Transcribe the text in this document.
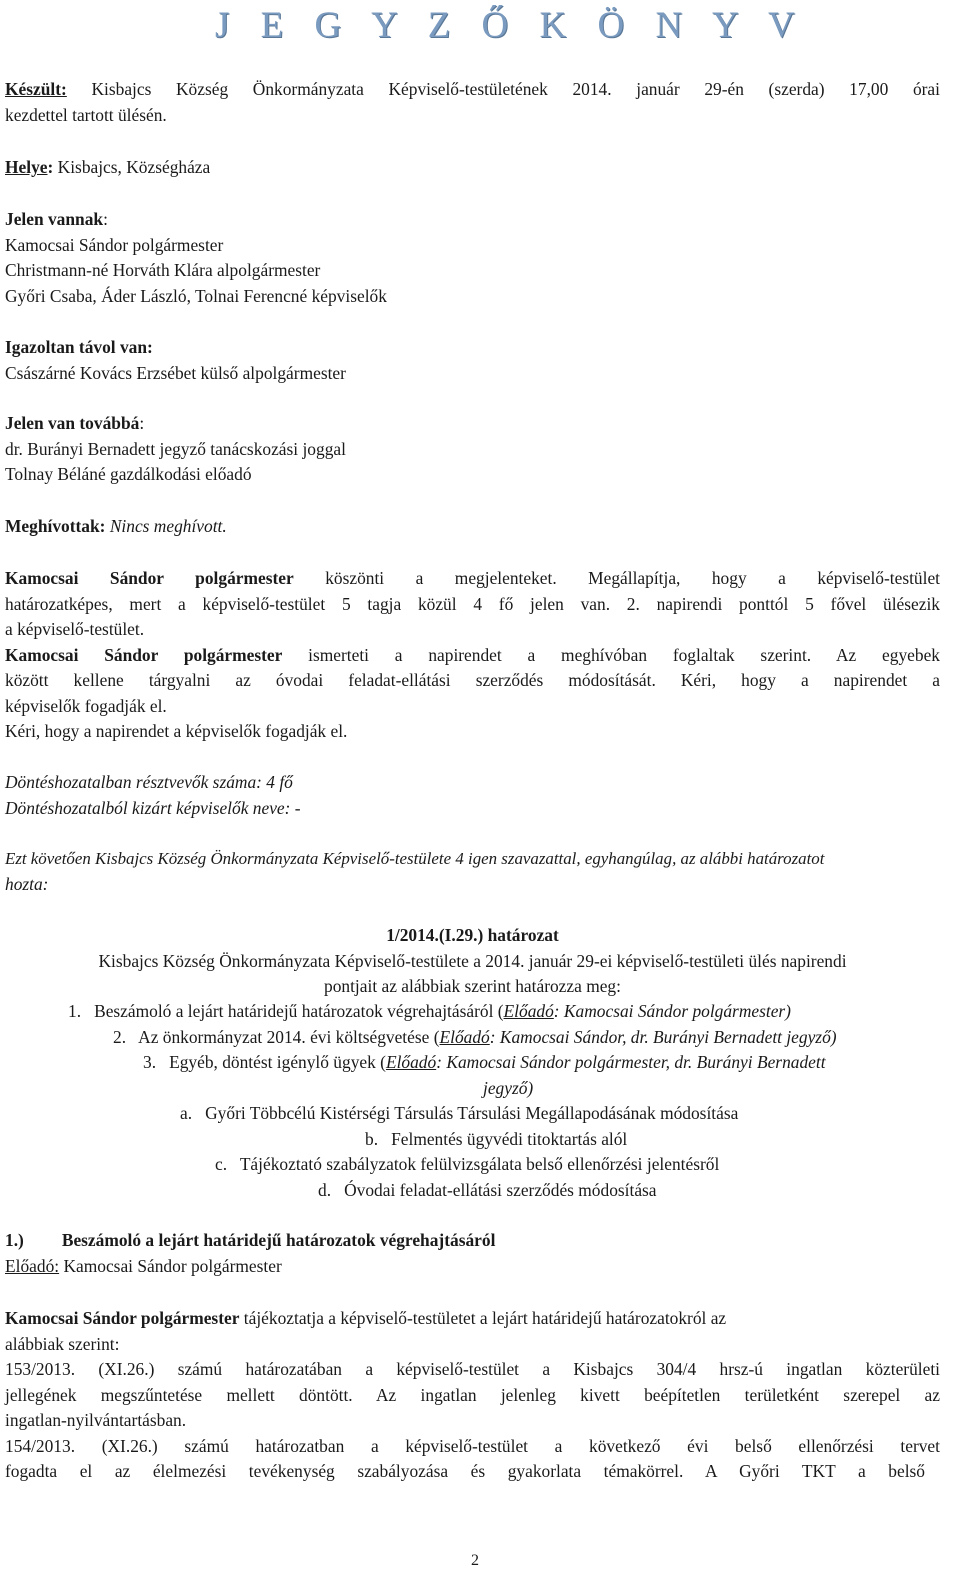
J E G Y Z Ő K Ö N Y V
Készült: Kisbajcs Község Önkormányzata Képviselő-testületének 2014. január 29-én (szerda) 17,00 órai
kezdettel tartott ülésén.
Helye: Kisbajcs, Községháza
Jelen vannak:
Kamocsai Sándor polgármester
Christmann-né Horváth Klára alpolgármester
Győri Csaba, Áder László, Tolnai Ferencné képviselők
Igazoltan távol van:
Császárné Kovács Erzsébet külső alpolgármester
Jelen van továbbá:
dr. Burányi Bernadett jegyző tanácskozási joggal
Tolnay Béláné gazdálkodási előadó
Meghívottak: Nincs meghívott.
Kamocsai Sándor polgármester köszönti a megjelenteket. Megállapítja, hogy a képviselő-testület
határozatképes, mert a képviselő-testület 5 tagja közül 4 fő jelen van. 2. napirendi ponttól 5 fővel ülésezik
a képviselő-testület.
Kamocsai Sándor polgármester ismerteti a napirendet a meghívóban foglaltak szerint. Az egyebek
között kellene tárgyalni az óvodai feladat-ellátási szerződés módosítását. Kéri, hogy a napirendet a
képviselők fogadják el.
Kéri, hogy a napirendet a képviselők fogadják el.
Döntéshozatalban résztvevők száma: 4 fő
Döntéshozatalból kizárt képviselők neve: -
Ezt követően Kisbajcs Község Önkormányzata Képviselő-testülete 4 igen szavazattal, egyhangúlag, az alábbi határozatot
hozta:
1/2014.(I.29.) határozat
Kisbajcs Község Önkormányzata Képviselő-testülete a 2014. január 29-ei képviselő-testületi ülés napirendi
pontjait az alábbiak szerint határozza meg:
1. Beszámoló a lejárt határidejű határozatok végrehajtásáról (Előadó: Kamocsai Sándor polgármester)
2. Az önkormányzat 2014. évi költségvetése (Előadó: Kamocsai Sándor, dr. Burányi Bernadett jegyző)
3. Egyéb, döntést igénylő ügyek (Előadó: Kamocsai Sándor polgármester, dr. Burányi Bernadett
jegyző)
a. Győri Többcélú Kistérségi Társulás Társulási Megállapodásának módosítása
b. Felmentés ügyvédi titoktartás alól
c. Tájékoztató szabályzatok felülvizsgálata belső ellenőrzési jelentésről
d. Óvodai feladat-ellátási szerződés módosítása
1.) Beszámoló a lejárt határidejű határozatok végrehajtásáról
Előadó: Kamocsai Sándor polgármester
Kamocsai Sándor polgármester tájékoztatja a képviselő-testületet a lejárt határidejű határozatokról az
alábbiak szerint:
153/2013. (XI.26.) számú határozatában a képviselő-testület a Kisbajcs 304/4 hrsz-ú ingatlan közterületi
jellegének megszűntetése mellett döntött. Az ingatlan jelenleg kivett beépítetlen területként szerepel az
ingatlan-nyilvántartásban.
154/2013. (XI.26.) számú határozatban a képviselő-testület a következő évi belső ellenőrzési tervet
fogadta el az élelmezési tevékenység szabályozása és gyakorlata témakörrel. A Győri TKT a belső
2
